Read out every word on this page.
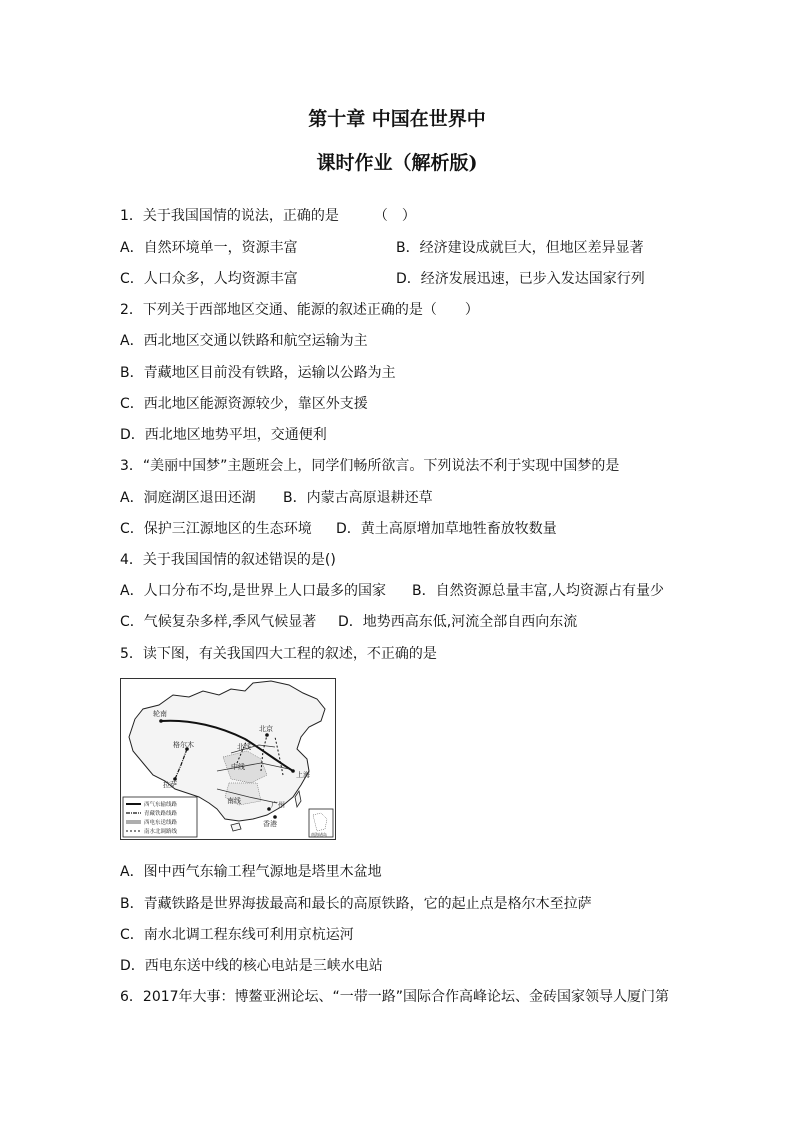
第十章 中国在世界中
课时作业（解析版)
1．关于我国国情的说法，正确的是　　　（　）
A．自然环境单一，资源丰富	B．经济建设成就巨大，但地区差异显著
C．人口众多，人均资源丰富	D．经济发展迅速，已步入发达国家行列
2．下列关于西部地区交通、能源的叙述正确的是（　　）
A．西北地区交通以铁路和航空运输为主
B．青藏地区目前没有铁路，运输以公路为主
C．西北地区能源资源较少，靠区外支援
D．西北地区地势平坦，交通便利
3．“美丽中国梦”主题班会上，同学们畅所欲言。下列说法不利于实现中国梦的是
A．洞庭湖区退田还湖 B．内蒙古高原退耕还草
C．保护三江源地区的生态环境 D．黄土高原增加草地牲畜放牧数量
4．关于我国国情的叙述错误的是()
A．人口分布不均,是世界上人口最多的国家 B．自然资源总量丰富,人均资源占有量少
C．气候复杂多样,季风气候显著 D．地势西高东低,河流全部自西向东流
5．读下图，有关我国四大工程的叙述，不正确的是
轮南
格尔木
拉萨
北京
上海
广州
香港
中线
南线
北线
西气东输线路
青藏铁路线路
西电东送线路
南水北调路线	南海诸岛
A．图中西气东输工程气源地是塔里木盆地
B．青藏铁路是世界海拔最高和最长的高原铁路，它的起止点是格尔木至拉萨
C．南水北调工程东线可利用京杭运河
D．西电东送中线的核心电站是三峡水电站
6．2017年大事：博鳌亚洲论坛、“一带一路”国际合作高峰论坛、金砖国家领导人厦门第
